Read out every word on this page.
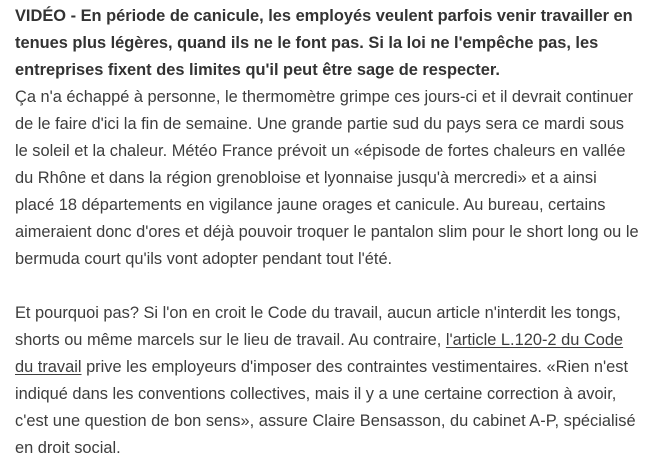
VIDÉO - En période de canicule, les employés veulent parfois venir travailler en tenues plus légères, quand ils ne le font pas. Si la loi ne l'empêche pas, les entreprises fixent des limites qu'il peut être sage de respecter.

Ça n'a échappé à personne, le thermomètre grimpe ces jours-ci et il devrait continuer de le faire d'ici la fin de semaine. Une grande partie sud du pays sera ce mardi sous le soleil et la chaleur. Météo France prévoit un «épisode de fortes chaleurs en vallée du Rhône et dans la région grenobloise et lyonnaise jusqu'à mercredi» et a ainsi placé 18 départements en vigilance jaune orages et canicule. Au bureau, certains aimeraient donc d'ores et déjà pouvoir troquer le pantalon slim pour le short long ou le bermuda court qu'ils vont adopter pendant tout l'été.

Et pourquoi pas? Si l'on en croit le Code du travail, aucun article n'interdit les tongs, shorts ou même marcels sur le lieu de travail. Au contraire, l'article L.120-2 du Code du travail prive les employeurs d'imposer des contraintes vestimentaires. «Rien n'est indiqué dans les conventions collectives, mais il y a une certaine correction à avoir, c'est une question de bon sens», assure Claire Bensasson, du cabinet A-P, spécialisé en droit social.
